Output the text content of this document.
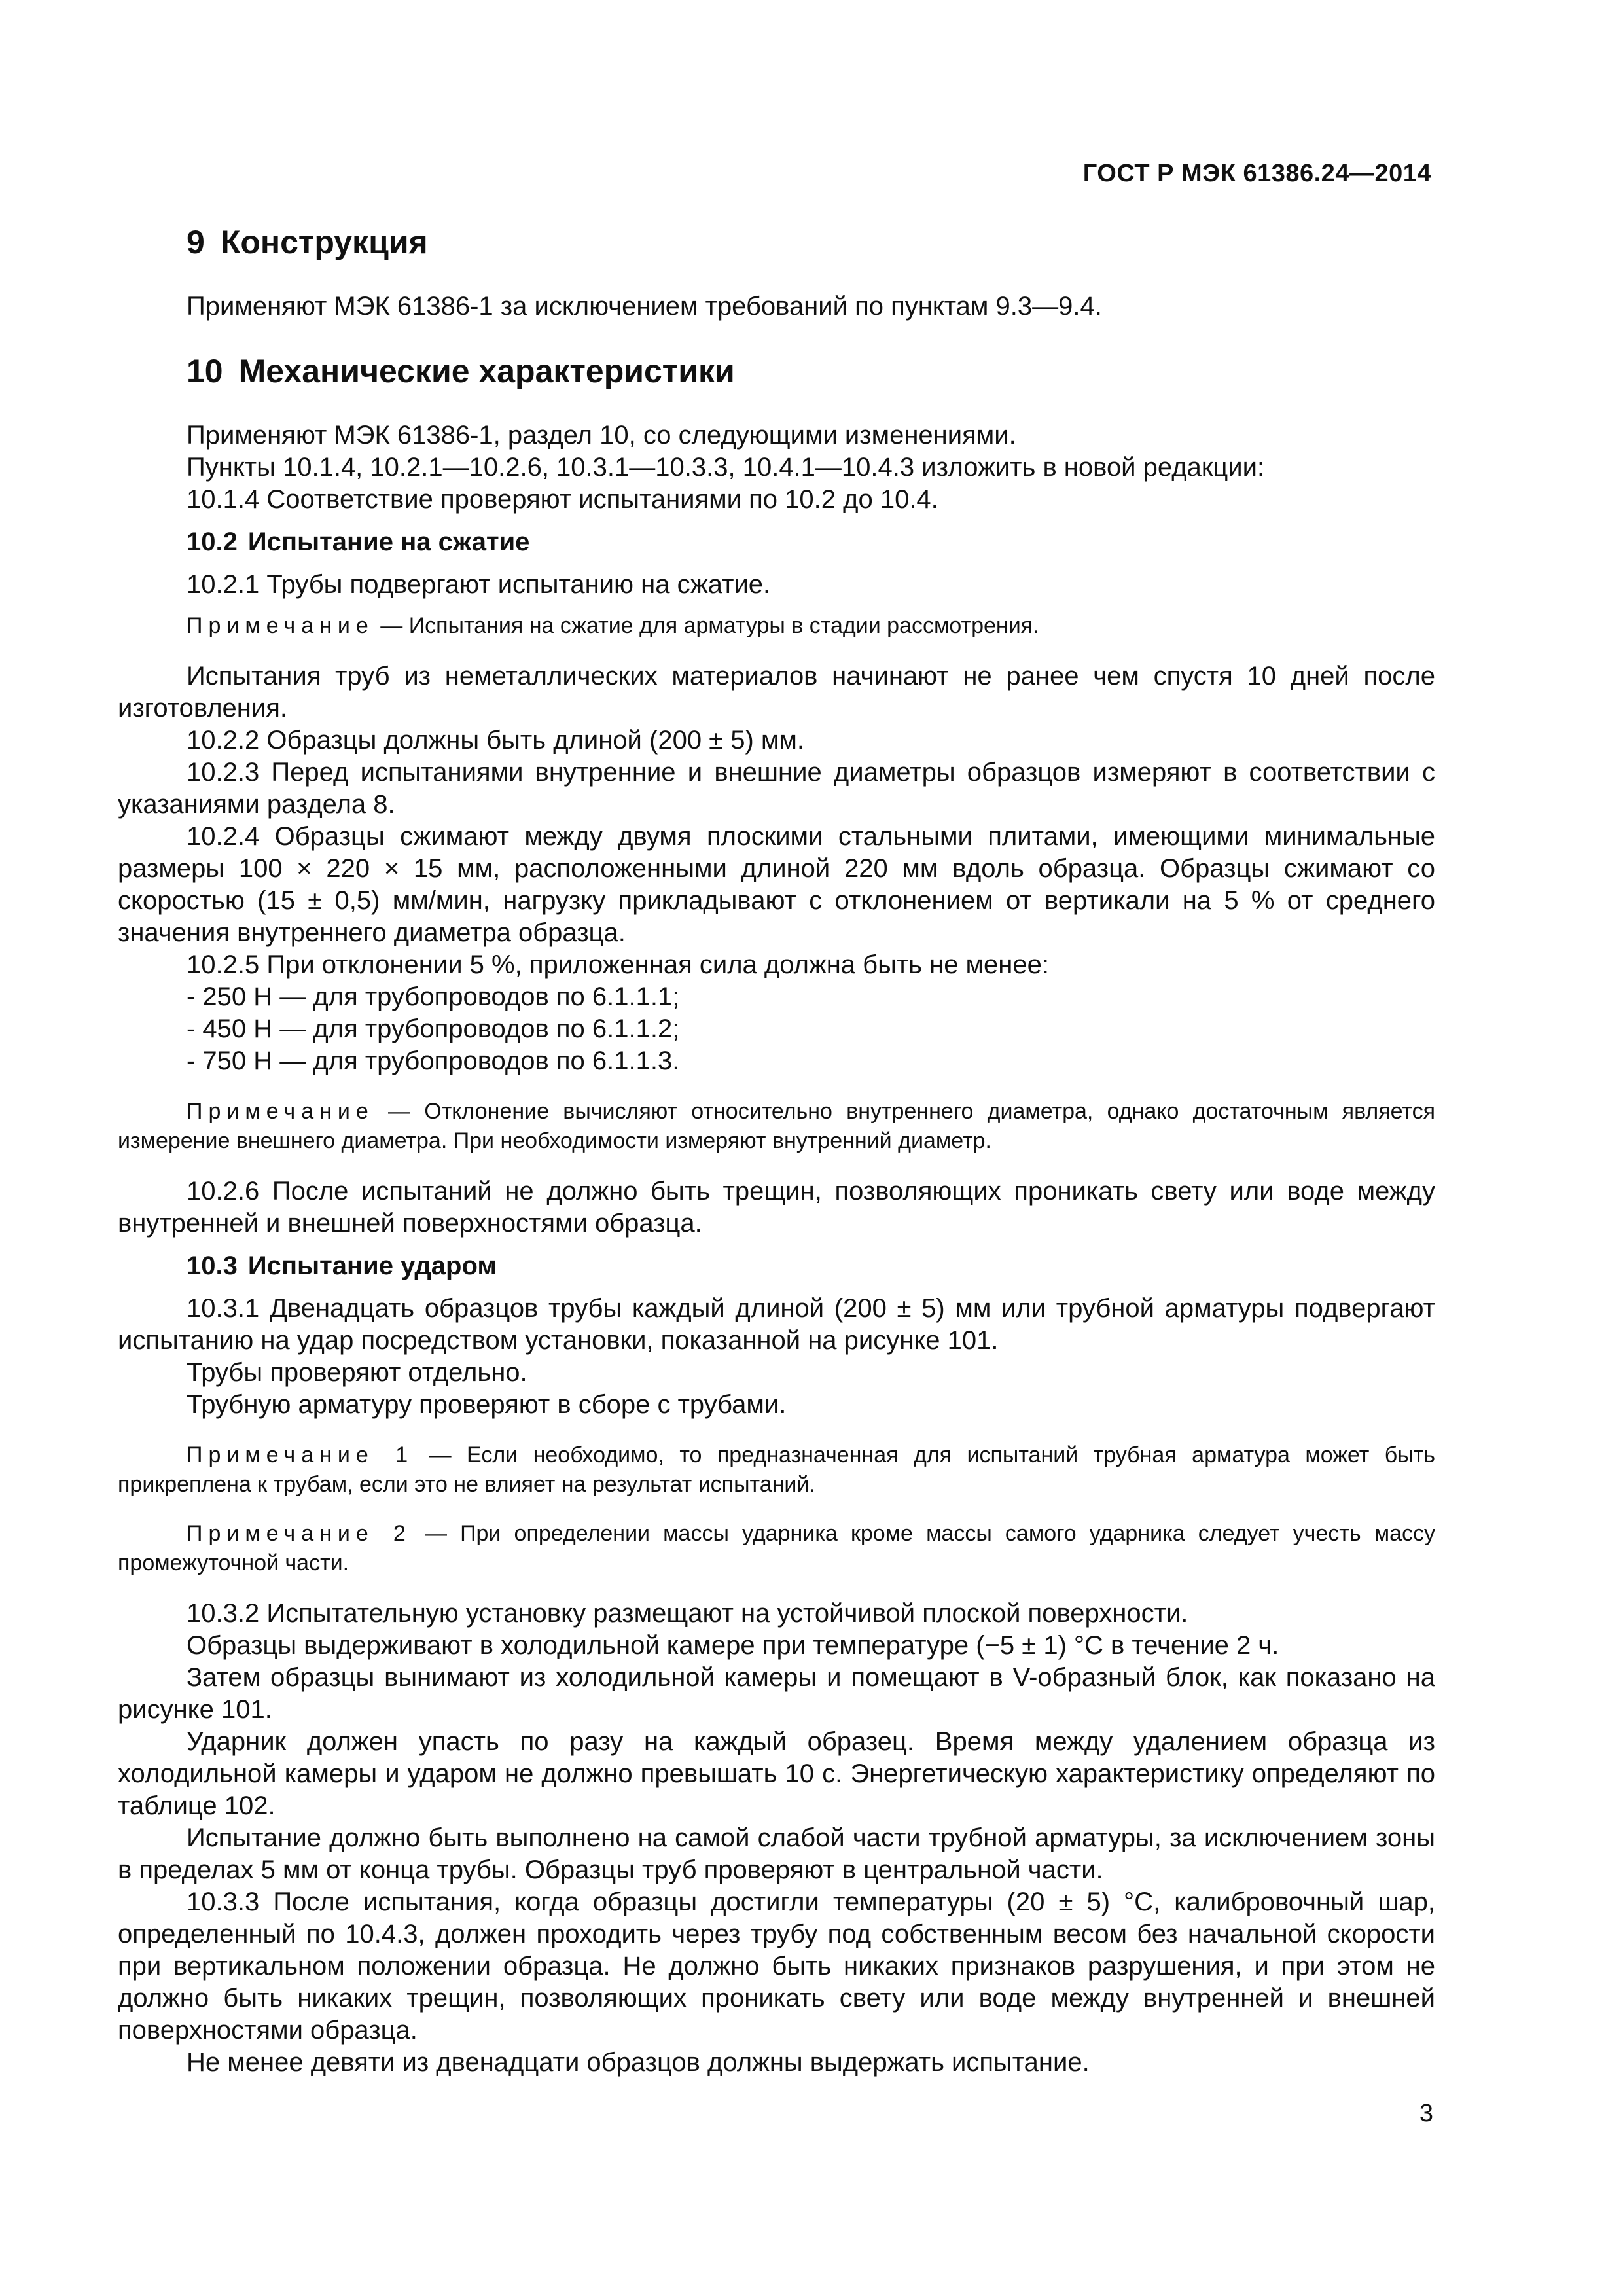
ГОСТ Р МЭК 61386.24—2014
9 Конструкция
Применяют МЭК 61386-1 за исключением требований по пунктам 9.3—9.4.
10 Механические характеристики
Применяют МЭК 61386-1, раздел 10, со следующими изменениями.
Пункты 10.1.4, 10.2.1—10.2.6, 10.3.1—10.3.3, 10.4.1—10.4.3 изложить в новой редакции:
10.1.4 Соответствие проверяют испытаниями по 10.2 до 10.4.
10.2 Испытание на сжатие
10.2.1 Трубы подвергают испытанию на сжатие.
Примечание — Испытания на сжатие для арматуры в стадии рассмотрения.
Испытания труб из неметаллических материалов начинают не ранее чем спустя 10 дней после изготовления.
10.2.2 Образцы должны быть длиной (200 ± 5) мм.
10.2.3 Перед испытаниями внутренние и внешние диаметры образцов измеряют в соответствии с указаниями раздела 8.
10.2.4 Образцы сжимают между двумя плоскими стальными плитами, имеющими минимальные размеры 100 × 220 × 15 мм, расположенными длиной 220 мм вдоль образца. Образцы сжимают со скоростью (15 ± 0,5) мм/мин, нагрузку прикладывают с отклонением от вертикали на 5 % от среднего значения внутреннего диаметра образца.
10.2.5 При отклонении 5 %, приложенная сила должна быть не менее:
- 250 Н — для трубопроводов по 6.1.1.1;
- 450 Н — для трубопроводов по 6.1.1.2;
- 750 Н — для трубопроводов по 6.1.1.3.
Примечание — Отклонение вычисляют относительно внутреннего диаметра, однако достаточным является измерение внешнего диаметра. При необходимости измеряют внутренний диаметр.
10.2.6 После испытаний не должно быть трещин, позволяющих проникать свету или воде между внутренней и внешней поверхностями образца.
10.3 Испытание ударом
10.3.1 Двенадцать образцов трубы каждый длиной (200 ± 5) мм или трубной арматуры подвергают испытанию на удар посредством установки, показанной на рисунке 101.
Трубы проверяют отдельно.
Трубную арматуру проверяют в сборе с трубами.
Примечание 1 — Если необходимо, то предназначенная для испытаний трубная арматура может быть прикреплена к трубам, если это не влияет на результат испытаний.
Примечание 2 — При определении массы ударника кроме массы самого ударника следует учесть массу промежуточной части.
10.3.2 Испытательную установку размещают на устойчивой плоской поверхности.
Образцы выдерживают в холодильной камере при температуре (−5 ± 1) °С в течение 2 ч.
Затем образцы вынимают из холодильной камеры и помещают в V-образный блок, как показано на рисунке 101.
Ударник должен упасть по разу на каждый образец. Время между удалением образца из холодильной камеры и ударом не должно превышать 10 с. Энергетическую характеристику определяют по таблице 102.
Испытание должно быть выполнено на самой слабой части трубной арматуры, за исключением зоны в пределах 5 мм от конца трубы. Образцы труб проверяют в центральной части.
10.3.3 После испытания, когда образцы достигли температуры (20 ± 5) °С, калибровочный шар, определенный по 10.4.3, должен проходить через трубу под собственным весом без начальной скорости при вертикальном положении образца. Не должно быть никаких признаков разрушения, и при этом не должно быть никаких трещин, позволяющих проникать свету или воде между внутренней и внешней поверхностями образца.
Не менее девяти из двенадцати образцов должны выдержать испытание.
3
